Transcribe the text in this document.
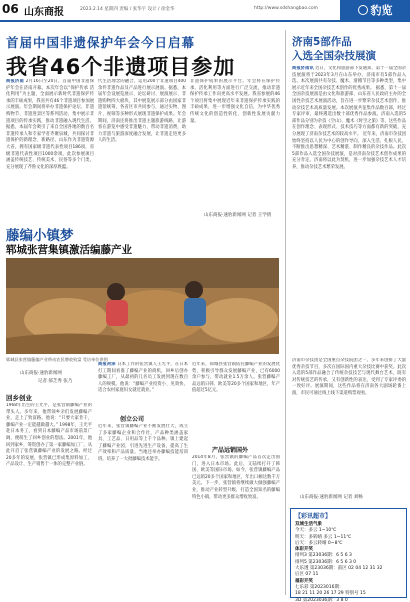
06 山东商报	2023.2.14 星期四 责编 / 张华宇 设计 / 徐金华	http://www.sdshangbao.com	豹览
首届中国非遗保护年会今日启幕
我省46个非遗项目参加
商报济南 2月16日至20日，首届中国非遗保护年会在济南开幕。本次年会以“保护传承 活化利用”为主题，全面展示新时代非遗保护传承的丰硕成果，我省共有46个非遗项目参加展示展演。年会期间将举办非遗保护论坛、非遗购物节、非遗进景区等系列活动，集中展示非遗项目的传承实践，推动非遗融入现代生活。据悉，本届年会吸引了来自全国各地的数百名非遗传承人和专家学者齐聚泉城，共同探讨非遗保护的新理念、新路径。山东作为非遗资源大省，拥有国家级非遗代表性项目186项，省级非遗代表性项目1000余项，此次参展项目涵盖传统技艺、传统美术、民俗等多个门类，充分展现了齐鲁文化的深厚底蕴。
代生活理念的融合，运用200个非遗项目400余件非遗作品及产品进行展示展演。据悉，本届年会设展览展示、论坛研讨、展演展示、非遗购物四大板块，其中展览展示部分由国家非遗馆统筹，各省区市共同参与，通过实物、图片、视频等多种形式展现非遗保护成果。年会期间，济南还将推出非遗主题旅游线路，让游客在游览中感受非遗魅力，带动非遗消费，助力非遗与旅游深度融合发展，让非遗走进更多人的生活。
非遗保护成果的展示平台。年会将在保护传承、活化利用等方面进行广泛交流，推动非遗保护传承工作向更高水平发展。我省参展的46个项目将集中展现近年来非遗保护传承实践的丰硕成果，进一步增强文化自信，为中华优秀传统文化的创造性转化、创新性发展贡献力量。
山东商报·速豹新闻网 记者 王学倩
藤编小镇梦
郓城张营集镇激活编藤产业
郓城县张营镇藤编产业带动农民增收致富 受访单位供图
山东商报·速豹新闻网
记者 郝芝秀 张乃
商报菏泽 日本工作的张营镇人王光平，在日本打工期间看准了藤编产业的商机，回乡后创办藤编工厂，从最初的几名员工发展到现在数百人的规模。他说：“藤编产业投资小、见效快，适合农村家庭妇女就近就业。”
近年来，郓城县张营镇依托藤编产业的发展优势，积极引导群众发展藤编产业，已有6000余户参与，带动就业1.5万余人。张营藤编产品远销日韩、欧美等20多个国家和地区，年产值超过5亿元。
回乡创业
1968年出生的王光平，是张营镇藤编产业的带头人。多年来，他带领乡亲们发展藤编产业，走上了致富路。他说：“只要大家肯干，藤编产业一定能越做越大。” 1998年，王光平赴日本务工，看到日本藤编产品市场前景广阔，便萌生了回乡创业的想法。2001年，他回到家乡，筹资创办了第一家藤编加工厂，从此开启了张营镇藤编产业的发展之路。经过20多年的发展，张营镇已形成集原料加工、产品设计、生产销售于一体的完整产业链。
创立公司
近年来，张营镇藤编产业不断发展壮大，成立了多家藤编企业和合作社，产品种类涵盖家具、工艺品、日用品等上千个品种。镇上建起了藤编产业园，引进先进生产设备，提高了生产效率和产品质量。当地还举办藤编技能培训班，培养了一大批藤编技术能手。
产品远销国外
2014年8月，张营镇的藤编产品首次走出国门，进入日本市场。此后，又陆续打开了韩国、欧美等国际市场。如今，张营镇藤编产品已远销20多个国家和地区，年出口额达数千万美元。下一步，张营镇将继续做大做强藤编产业，推动产业转型升级，打造全国知名的藤编特色小镇，带动更多群众增收致富。
济南5部作品
入选全国杂技展演
商报济南讯 近日，文化和旅游部下发通知，第十一届全国杂技展演将于2023年3月在山东举办，济南市有5部作品入选。本次展演共有杂技、魔术、滑稽节目等多种类型，集中展示近年来全国杂技艺术创作的优秀成果。 据悉，第十一届全国杂技展演是由文化和旅游部、山东省人民政府主办的全国性杂技艺术展演活动，旨在进一步繁荣杂技艺术创作，推动杂技艺术高质量发展。本次展演共征集作品数百部，经过专家评审，最终遴选出数十部优秀作品参演。济南入选的5部作品分别为杂技《空山》、魔术《时空之旅》等，这些作品在创作理念、表现形式、技术技巧等方面都有新的突破，充分展现了济南杂技艺术的较高水平。 近年来，济南市杂技团始终坚持以人民为中心的创作导向，深入生活，扎根人民，不断推出思想精深、艺术精湛、制作精良的杂技作品。此次5部作品入选全国杂技展演，是对济南杂技艺术创作成果的充分肯定。济南将以此为契机，进一步加强杂技艺术人才培养，推动杂技艺术繁荣发展。
济南市杂技团是全国重点杂技院团之一，多年来创排了大量优秀杂技节目，多次在国际国内重大杂技比赛中获奖。此次入选的5部作品融合了传统杂技技艺与现代舞台艺术，既有对传统技艺的传承，又有创新性的表达，受到了专家评委的一致好评。展演期间，这些作品将在济南各大剧场轮番上演，市民可通过线上线下渠道购票观看。
山东商报·速豹新闻网 记者 刘畅
【彩讯超市】
双城生活气象
今天：多云 1~10℃
明天：多转晴 多云 1~11℃
后天：多云转晴 0~8℃
体彩开奖
排列3 第23036期：6 5 6 3
排列5 第23036期：6 5 6 3 0
大乐透 第23036期：前区 02 04 12 31 32
后区 07 11
福彩开奖
七乐彩 第2023016期：
18 21 11 20 26 17 29 特别号 15
3D 第2023036期：3 8 0
